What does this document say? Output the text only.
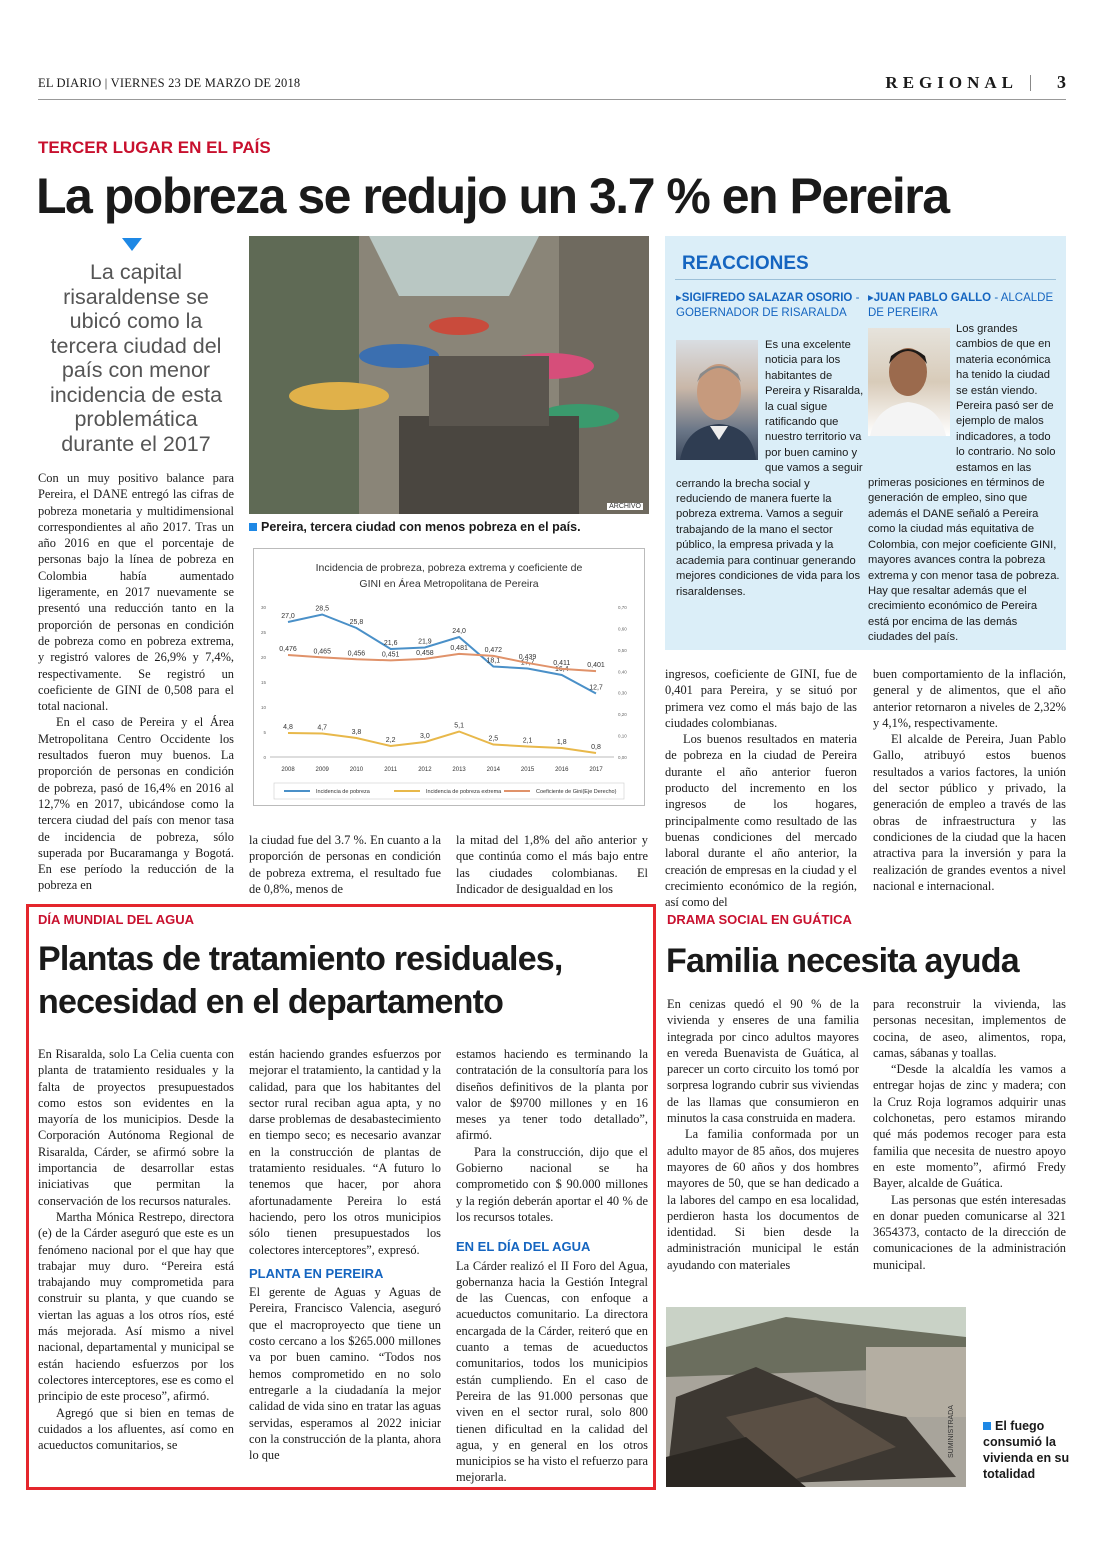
EL DIARIO | VIERNES 23 DE MARZO DE 2018	REGIONAL 3
TERCER LUGAR EN EL PAÍS
La pobreza se redujo un 3.7 % en Pereira
La capital risaraldense se ubicó como la tercera ciudad del país con menor incidencia de esta problemática durante el 2017

Con un muy positivo balance para Pereira, el DANE entregó las cifras de pobreza monetaria y multidimensional correspondientes al año 2017. Tras un año 2016 en que el porcentaje de personas bajo la línea de pobreza en Colombia había aumentado ligeramente, en 2017 nuevamente se presentó una reducción tanto en la proporción de personas en condición de pobreza como en pobreza extrema, y registró valores de 26,9% y 7,4%, respectivamente. Se registró un coeficiente de GINI de 0,508 para el total nacional.

En el caso de Pereira y el Área Metropolitana Centro Occidente los resultados fueron muy buenos. La proporción de personas en condición de pobreza, pasó de 16,4% en 2016 al 12,7% en 2017, ubicándose como la tercera ciudad del país con menor tasa de incidencia de pobreza, sólo superada por Bucaramanga y Bogotá. En ese período la reducción de la pobreza en

ARCHIVO
Pereira, tercera ciudad con menos pobreza en el país.
Incidencia de probreza, pobreza extrema y coeficiente de
GINI en Área Metropolitana de Pereira
0
5
10
15
20
25
30
0,00
0,10
0,20
0,30
0,40
0,50
0,60
0,70
2008	2009	2010	2011	2012	2013	2014	2015	2016	2017
27,0
28,5
25,8
21,6	21,9
24,0
18,1	17,7
16,4
12,7
4,8	4,7
3,8
2,2
3,0
5,1
2,5	2,1	1,8
0,8
0,476 0,465 0,456 0,451 0,458
0,481 0,472
0,439
0,411 0,401
Incidencia de pobreza	Incidencia de pobreza extrema	Coeficiente de Gini(Eje Derecho)

la ciudad fue del 3.7 %. En cuanto a la proporción de personas en condición de pobreza extrema, el resultado fue de 0,8%, menos de

la mitad del 1,8% del año anterior y que continúa como el más bajo entre las ciudades colombianas. El Indicador de desigualdad en los

REACCIONES
▸SIGIFREDO SALAZAR OSORIO - GOBERNADOR DE RISARALDA
Es una excelente noticia para los habitantes de Pereira y Risaralda, la cual sigue ratificando que nuestro territorio va por buen camino y que vamos a seguir cerrando la brecha social y reduciendo de manera fuerte la pobreza extrema. Vamos a seguir trabajando de la mano el sector público, la empresa privada y la academia para continuar generando mejores condiciones de vida para los risaraldenses.
▸JUAN PABLO GALLO - ALCALDE DE PEREIRA
Los grandes cambios de que en materia económica ha tenido la ciudad se están viendo. Pereira pasó ser de ejemplo de malos indicadores, a todo lo contrario. No solo estamos en las primeras posiciones en términos de generación de empleo, sino que además el DANE señaló a Pereira como la ciudad más equitativa de Colombia, con mejor coeficiente GINI, mayores avances contra la pobreza extrema y con menor tasa de pobreza. Hay que resaltar además que el crecimiento económico de Pereira está por encima de las demás ciudades del país.

ingresos, coeficiente de GINI, fue de 0,401 para Pereira, y se situó por primera vez como el más bajo de las ciudades colombianas.

Los buenos resultados en materia de pobreza en la ciudad de Pereira durante el año anterior fueron producto del incremento en los ingresos de los hogares, principalmente como resultado de las buenas condiciones del mercado laboral durante el año anterior, la creación de empresas en la ciudad y el crecimiento económico de la región, así como del

buen comportamiento de la inflación, general y de alimentos, que el año anterior retornaron a niveles de 2,32% y 4,1%, respectivamente.

El alcalde de Pereira, Juan Pablo Gallo, atribuyó estos buenos resultados a varios factores, la unión del sector público y privado, la generación de empleo a través de las obras de infraestructura y las condiciones de la ciudad que la hacen atractiva para la inversión y para la realización de grandes eventos a nivel nacional e internacional.

DÍA MUNDIAL DEL AGUA
Plantas de tratamiento residuales, necesidad en el departamento

En Risaralda, solo La Celia cuenta con planta de tratamiento residuales y la falta de proyectos presupuestados como estos son evidentes en la mayoría de los municipios. Desde la Corporación Autónoma Regional de Risaralda, Cárder, se afirmó sobre la importancia de desarrollar estas iniciativas que permitan la conservación de los recursos naturales.

Martha Mónica Restrepo, directora (e) de la Cárder aseguró que este es un fenómeno nacional por el que hay que trabajar muy duro. “Pereira está trabajando muy comprometida para construir su planta, y que cuando se viertan las aguas a los otros ríos, esté más mejorada. Así mismo a nivel nacional, departamental y municipal se están haciendo esfuerzos por los colectores interceptores, ese es como el principio de este proceso”, afirmó.

Agregó que si bien en temas de cuidados a los afluentes, así como en acueductos comunitarios, se

están haciendo grandes esfuerzos por mejorar el tratamiento, la cantidad y la calidad, para que los habitantes del sector rural reciban agua apta, y no darse problemas de desabastecimiento en tiempo seco; es necesario avanzar en la construcción de plantas de tratamiento residuales. “A futuro lo tenemos que hacer, por ahora afortunadamente Pereira lo está haciendo, pero los otros municipios sólo tienen presupuestados los colectores interceptores”, expresó.

PLANTA EN PEREIRA

El gerente de Aguas y Aguas de Pereira, Francisco Valencia, aseguró que el macroproyecto que tiene un costo cercano a los $265.000 millones va por buen camino. “Todos nos hemos comprometido en no solo entregarle a la ciudadanía la mejor calidad de vida sino en tratar las aguas servidas, esperamos al 2022 iniciar con la construcción de la planta, ahora lo que

estamos haciendo es terminando la contratación de la consultoría para los diseños definitivos de la planta por valor de $9700 millones y en 16 meses ya tener todo detallado”, afirmó.

Para la construcción, dijo que el Gobierno nacional se ha comprometido con $ 90.000 millones y la región deberán aportar el 40 % de los recursos totales.

EN EL DÍA DEL AGUA

La Cárder realizó el II Foro del Agua, gobernanza hacia la Gestión Integral de las Cuencas, con enfoque a acueductos comunitario. La directora encargada de la Cárder, reiteró que en cuanto a temas de acueductos comunitarios, todos los municipios están cumpliendo. En el caso de Pereira de las 91.000 personas que viven en el sector rural, solo 800 tienen dificultad en la calidad del agua, y en general en los otros municipios se ha visto el refuerzo para mejorarla.

DRAMA SOCIAL EN GUÁTICA
Familia necesita ayuda

En cenizas quedó el 90 % de la vivienda y enseres de una familia integrada por cinco adultos mayores en vereda Buenavista de Guática, al parecer un corto circuito los tomó por sorpresa logrando cubrir sus viviendas de las llamas que consumieron en minutos la casa construida en madera.

La familia conformada por un adulto mayor de 85 años, dos mujeres mayores de 60 años y dos hombres mayores de 50, que se han dedicado a la labores del campo en esa localidad, perdieron hasta los documentos de identidad. Si bien desde la administración municipal le están ayudando con materiales

para reconstruir la vivienda, las personas necesitan, implementos de cocina, de aseo, alimentos, ropa, camas, sábanas y toallas.

“Desde la alcaldía les vamos a entregar hojas de zinc y madera; con la Cruz Roja logramos adquirir unas colchonetas, pero estamos mirando qué más podemos recoger para esta familia que necesita de nuestro apoyo en este momento”, afirmó Fredy Bayer, alcalde de Guática.

Las personas que estén interesadas en donar pueden comunicarse al 321 3654373, contacto de la dirección de comunicaciones de la administración municipal.

SUMINISTRADA	El fuego consumió la vivienda en su totalidad
